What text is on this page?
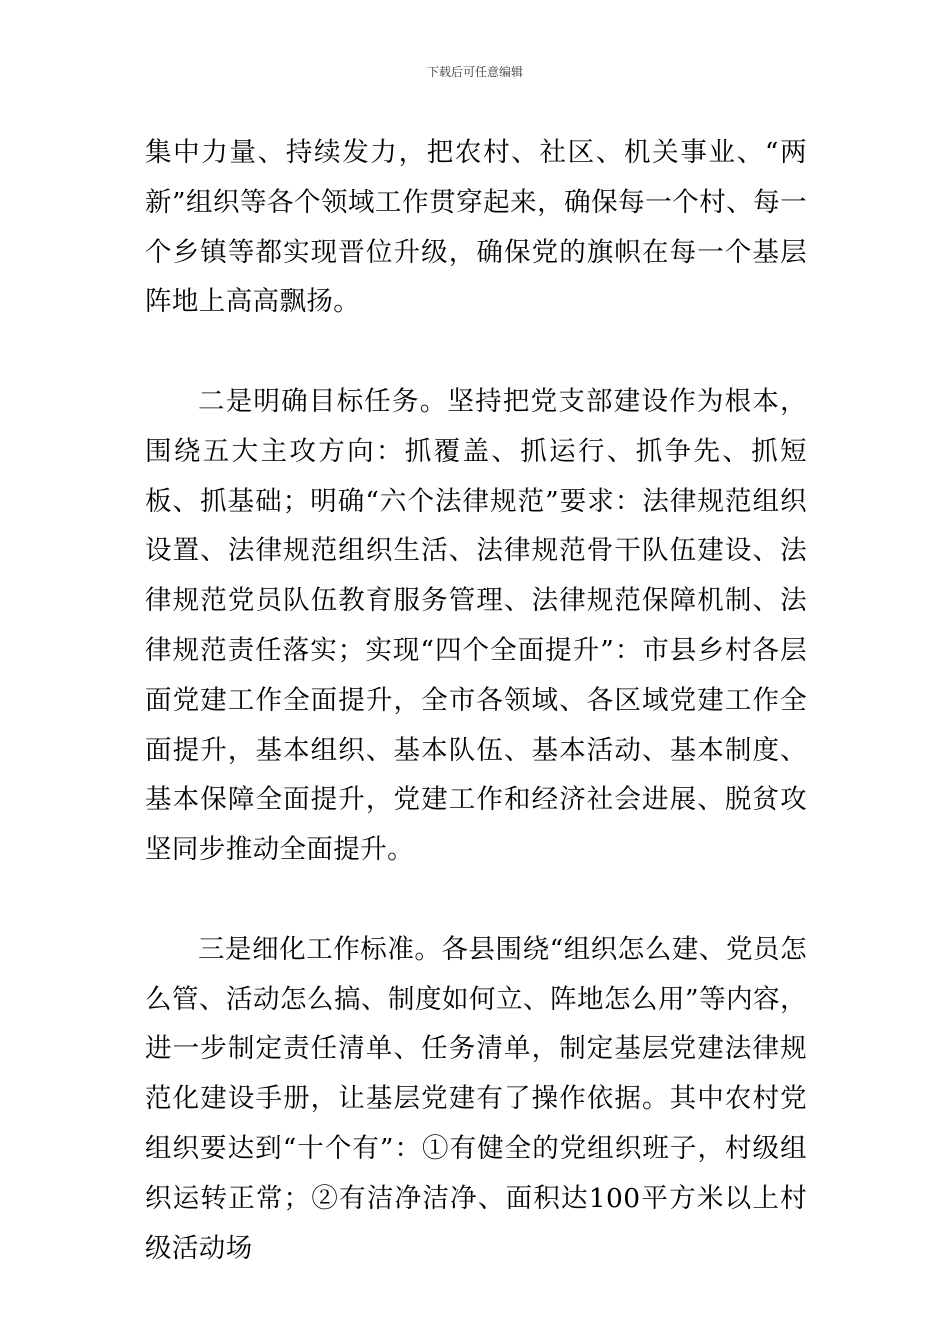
下载后可任意编辑

集中力量、持续发力，把农村、社区、机关事业、“两新”组织等各个领域工作贯穿起来，确保每一个村、每一个乡镇等都实现晋位升级，确保党的旗帜在每一个基层阵地上高高飘扬。

二是明确目标任务。坚持把党支部建设作为根本，围绕五大主攻方向：抓覆盖、抓运行、抓争先、抓短板、抓基础；明确“六个法律规范”要求：法律规范组织设置、法律规范组织生活、法律规范骨干队伍建设、法律规范党员队伍教育服务管理、法律规范保障机制、法律规范责任落实；实现“四个全面提升”：市县乡村各层面党建工作全面提升，全市各领域、各区域党建工作全面提升，基本组织、基本队伍、基本活动、基本制度、基本保障全面提升，党建工作和经济社会进展、脱贫攻坚同步推动全面提升。

三是细化工作标准。各县围绕“组织怎么建、党员怎么管、活动怎么搞、制度如何立、阵地怎么用”等内容，进一步制定责任清单、任务清单，制定基层党建法律规范化建设手册，让基层党建有了操作依据。其中农村党组织要达到“十个有”：①有健全的党组织班子，村级组织运转正常；②有洁净洁净、面积达100平方米以上村级活动场
